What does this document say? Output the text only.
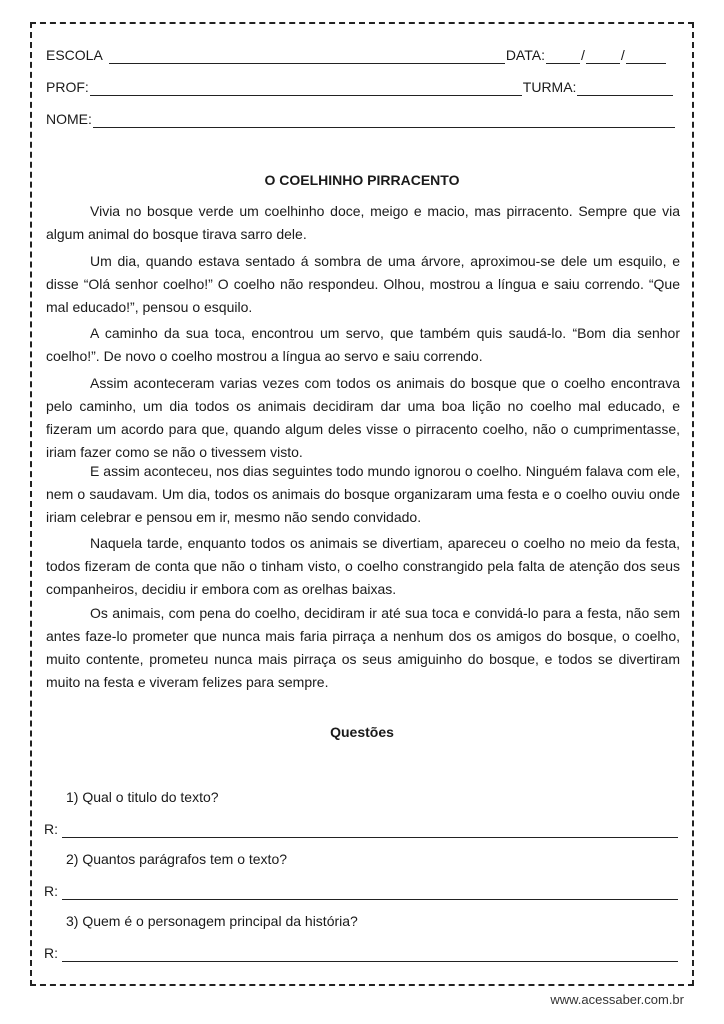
ESCOLA	DATA:	/	/
PROF:	TURMA:
NOME:
O COELHINHO PIRRACENTO

Vivia no bosque verde um coelhinho doce, meigo e macio, mas pirracento. Sempre que via algum animal do bosque tirava sarro dele.

Um dia, quando estava sentado á sombra de uma árvore, aproximou-se dele um esquilo, e disse “Olá senhor coelho!” O coelho não respondeu. Olhou, mostrou a língua e saiu correndo. “Que mal educado!”, pensou o esquilo.

A caminho da sua toca, encontrou um servo, que também quis saudá-lo. “Bom dia senhor coelho!”. De novo o coelho mostrou a língua ao servo e saiu correndo.

Assim aconteceram varias vezes com todos os animais do bosque que o coelho encontrava pelo caminho, um dia todos os animais decidiram dar uma boa lição no coelho mal educado, e fizeram um acordo para que, quando algum deles visse o pirracento coelho, não o cumprimentasse, iriam fazer como se não o tivessem visto.

E assim aconteceu, nos dias seguintes todo mundo ignorou o coelho. Ninguém falava com ele, nem o saudavam. Um dia, todos os animais do bosque organizaram uma festa e o coelho ouviu onde iriam celebrar e pensou em ir, mesmo não sendo convidado.

Naquela tarde, enquanto todos os animais se divertiam, apareceu o coelho no meio da festa, todos fizeram de conta que não o tinham visto, o coelho constrangido pela falta de atenção dos seus companheiros, decidiu ir embora com as orelhas baixas.

Os animais, com pena do coelho, decidiram ir até sua toca e convidá-lo para a festa, não sem antes faze-lo prometer que nunca mais faria pirraça a nenhum dos os amigos do bosque, o coelho, muito contente, prometeu nunca mais pirraça os seus amiguinho do bosque, e todos se divertiram muito na festa e viveram felizes para sempre.

Questões
1) Qual o titulo do texto?
R:
2) Quantos parágrafos tem o texto?
R:
3) Quem é o personagem principal da história?
R:
www.acessaber.com.br
